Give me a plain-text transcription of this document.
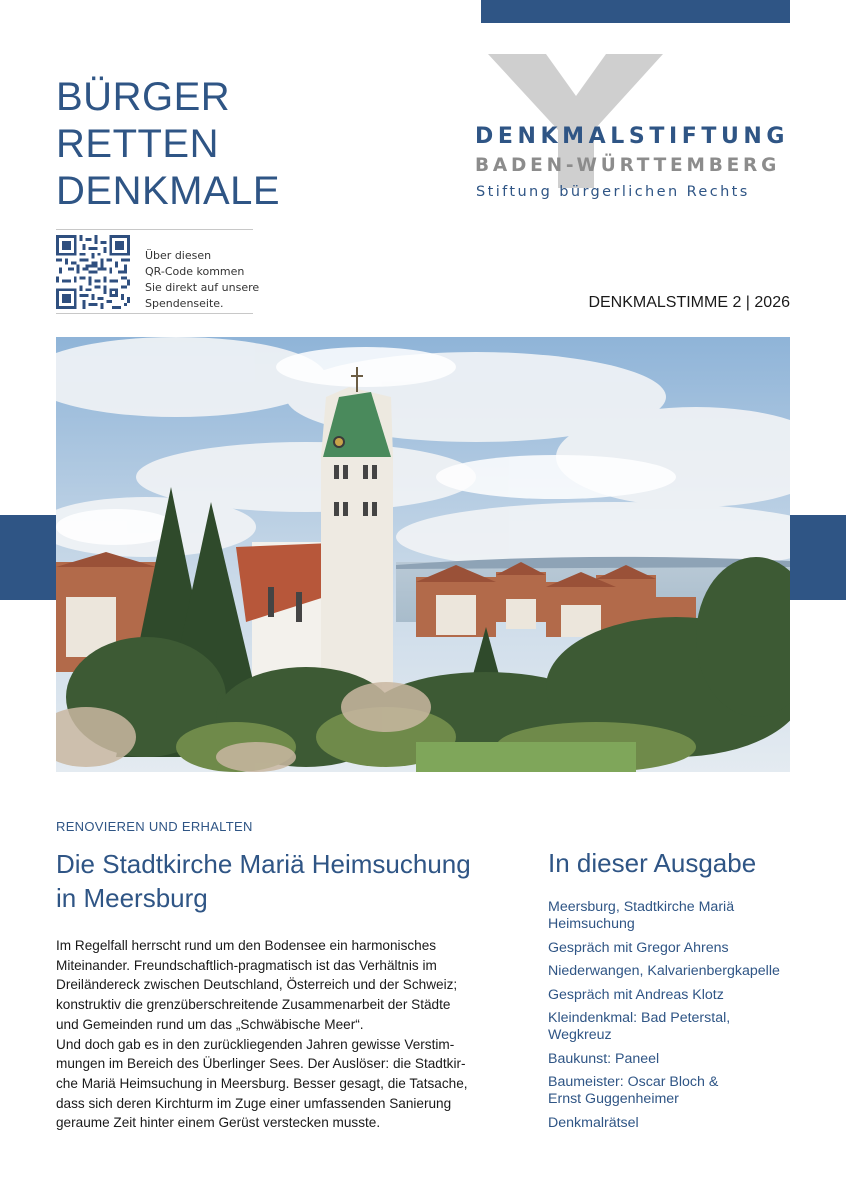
BÜRGER
RETTEN
DENKMALE
Über diesen
QR-Code kommen
Sie direkt auf unsere
Spendenseite.
DENKMALSTIFTUNG
BADEN-WÜRTTEMBERG
Stiftung bürgerlichen Rechts
DENKMALSTIMME 2 | 2026
RENOVIEREN UND ERHALTEN
Die Stadtkirche Mariä Heimsuchung
in Meersburg
Im Regelfall herrscht rund um den Bodensee ein harmonisches
Miteinander. Freundschaftlich-pragmatisch ist das Verhältnis im
Dreiländereck zwischen Deutschland, Österreich und der Schweiz;
konstruktiv die grenzüberschreitende Zusammenarbeit der Städte
und Gemeinden rund um das „Schwäbische Meer“.
Und doch gab es in den zurückliegenden Jahren gewisse Verstim-
mungen im Bereich des Überlinger Sees. Der Auslöser: die Stadtkir-
che Mariä Heimsuchung in Meersburg. Besser gesagt, die Tatsache,
dass sich deren Kirchturm im Zuge einer umfassenden Sanierung
geraume Zeit hinter einem Gerüst verstecken musste.
In dieser Ausgabe
Meersburg, Stadtkirche Mariä
Heimsuchung
Gespräch mit Gregor Ahrens
Niederwangen, Kalvarienbergkapelle
Gespräch mit Andreas Klotz
Kleindenkmal: Bad Peterstal,
Wegkreuz
Baukunst: Paneel
Baumeister: Oscar Bloch &
Ernst Guggenheimer
Denkmalrätsel
